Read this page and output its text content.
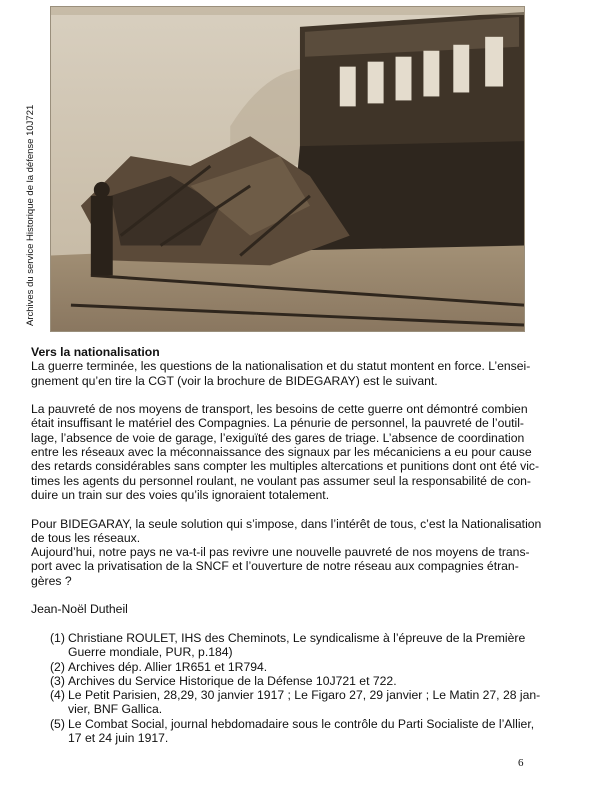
Archives du service Historique de la défense 10J721
Vers la nationalisation

La guerre terminée, les questions de la nationalisation et du statut montent en force. L’ensei-gnement qu’en tire la CGT (voir la brochure de BIDEGARAY) est le suivant.

La pauvreté de nos moyens de transport, les besoins de cette guerre ont démontré combien était insuffisant le matériel des Compagnies. La pénurie de personnel, la pauvreté de l’outil-lage, l’absence de voie de garage, l’exiguïté des gares de triage. L’absence de coordination entre les réseaux avec la méconnaissance des signaux par les mécaniciens a eu pour cause des retards considérables sans compter les multiples altercations et punitions dont ont été vic-times les agents du personnel roulant, ne voulant pas assumer seul la responsabilité de con-duire un train sur des voies qu’ils ignoraient totalement.

Pour BIDEGARAY, la seule solution qui s’impose, dans l’intérêt de tous, c’est la Nationalisation de tous les réseaux.

Aujourd’hui, notre pays ne va-t-il pas revivre une nouvelle pauvreté de nos moyens de trans-port avec la privatisation de la SNCF et l’ouverture de notre réseau aux compagnies étran-gères ?

Jean-Noël Dutheil

(1) Christiane ROULET, IHS des Cheminots, Le syndicalisme à l’épreuve de la Première Guerre mondiale, PUR, p.184)
(2) Archives dép. Allier 1R651 et 1R794.
(3) Archives du Service Historique de la Défense 10J721 et 722.
(4) Le Petit Parisien, 28,29, 30 janvier 1917 ; Le Figaro 27, 29 janvier ; Le Matin 27, 28 jan-vier, BNF Gallica.
(5) Le Combat Social, journal hebdomadaire sous le contrôle du Parti Socialiste de l’Allier, 17 et 24 juin 1917.
6
